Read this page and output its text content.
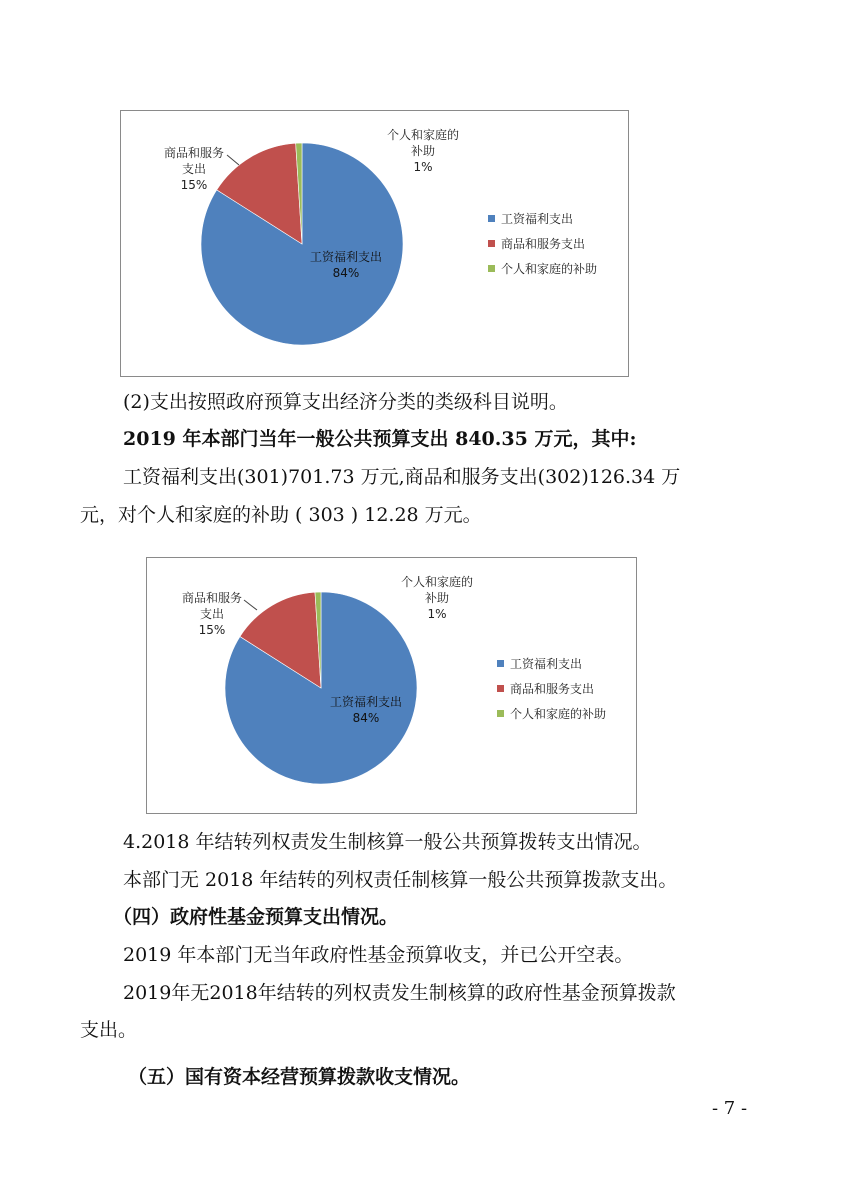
商品和服务
支出
15%
个人和家庭的
补助
1%
工资福利支出
84%
工资福利支出
商品和服务支出
个人和家庭的补助
(2)支出按照政府预算支出经济分类的类级科目说明。
2019 年本部门当年一般公共预算支出 840.35 万元，其中:
工资福利支出(301)701.73 万元,商品和服务支出(302)126.34 万
元，对个人和家庭的补助 ( 303 ) 12.28 万元。
商品和服务
支出
15%
个人和家庭的
补助
1%
工资福利支出
84%
工资福利支出
商品和服务支出
个人和家庭的补助
4.2018 年结转列权责发生制核算一般公共预算拨转支出情况。
本部门无 2018 年结转的列权责任制核算一般公共预算拨款支出。
（四）政府性基金预算支出情况。
2019 年本部门无当年政府性基金预算收支，并已公开空表。
2019年无2018年结转的列权责发生制核算的政府性基金预算拨款
支出。
（五）国有资本经营预算拨款收支情况。
- 7 -
